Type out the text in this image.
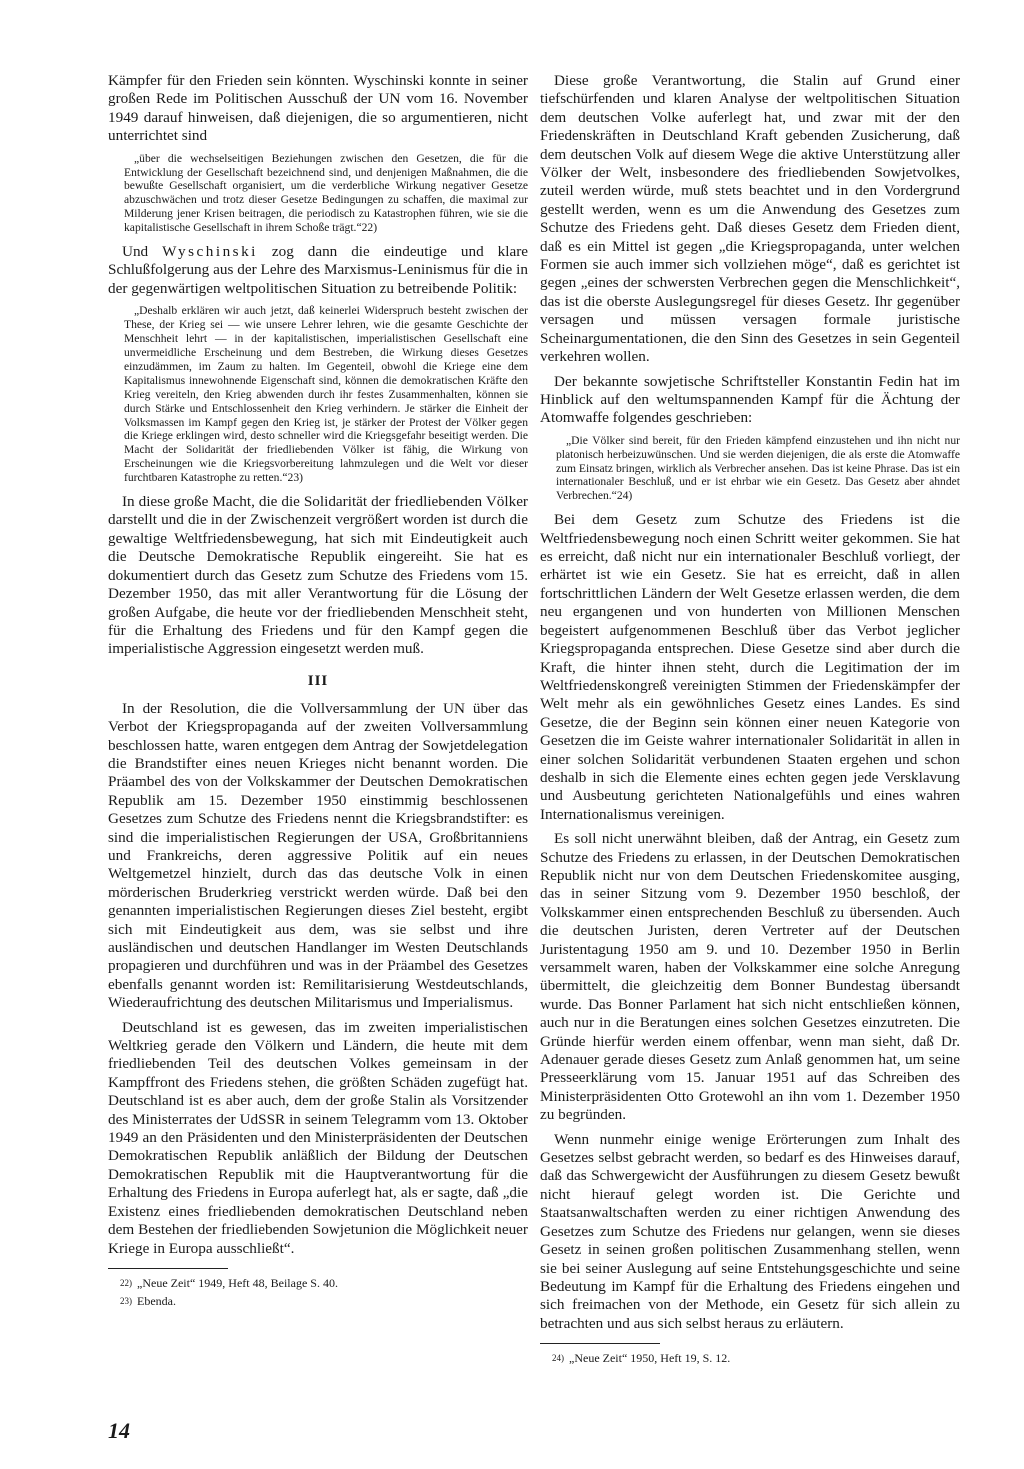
Kämpfer für den Frieden sein könnten. Wyschinski konnte in seiner großen Rede im Politischen Ausschuß der UN vom 16. November 1949 darauf hinweisen, daß diejenigen, die so argumentieren, nicht unterrichtet sind

„über die wechselseitigen Beziehungen zwischen den Gesetzen, die für die Entwicklung der Gesellschaft bezeichnend sind, und denjenigen Maßnahmen, die die bewußte Gesellschaft organisiert, um die verderbliche Wirkung negativer Gesetze abzuschwächen und trotz dieser Gesetze Bedingungen zu schaffen, die maximal zur Milderung jener Krisen beitragen, die periodisch zu Katastrophen führen, wie sie die kapitalistische Gesellschaft in ihrem Schoße trägt.“22)

Und Wyschinski zog dann die eindeutige und klare Schlußfolgerung aus der Lehre des Marxismus-Leninismus für die in der gegenwärtigen weltpolitischen Situation zu betreibende Politik:

„Deshalb erklären wir auch jetzt, daß keinerlei Widerspruch besteht zwischen der These, der Krieg sei — wie unsere Lehrer lehren, wie die gesamte Geschichte der Menschheit lehrt — in der kapitalistischen, imperialistischen Gesellschaft eine unvermeidliche Erscheinung und dem Bestreben, die Wirkung dieses Gesetzes einzudämmen, im Zaum zu halten. Im Gegenteil, obwohl die Kriege eine dem Kapitalismus innewohnende Eigenschaft sind, können die demokratischen Kräfte den Krieg vereiteln, den Krieg abwenden durch ihr festes Zusammenhalten, können sie durch Stärke und Entschlossenheit den Krieg verhindern. Je stärker die Einheit der Volksmassen im Kampf gegen den Krieg ist, je stärker der Protest der Völker gegen die Kriege erklingen wird, desto schneller wird die Kriegsgefahr beseitigt werden. Die Macht der Solidarität der friedliebenden Völker ist fähig, die Wirkung von Erscheinungen wie die Kriegsvorbereitung lahmzulegen und die Welt vor dieser furchtbaren Katastrophe zu retten.“23)

In diese große Macht, die die Solidarität der friedliebenden Völker darstellt und die in der Zwischenzeit vergrößert worden ist durch die gewaltige Weltfriedensbewegung, hat sich mit Eindeutigkeit auch die Deutsche Demokratische Republik eingereiht. Sie hat es dokumentiert durch das Gesetz zum Schutze des Friedens vom 15. Dezember 1950, das mit aller Verantwortung für die Lösung der großen Aufgabe, die heute vor der friedliebenden Menschheit steht, für die Erhaltung des Friedens und für den Kampf gegen die imperialistische Aggression eingesetzt werden muß.

III

In der Resolution, die die Vollversammlung der UN über das Verbot der Kriegspropaganda auf der zweiten Vollversammlung beschlossen hatte, waren entgegen dem Antrag der Sowjetdelegation die Brandstifter eines neuen Krieges nicht benannt worden. Die Präambel des von der Volkskammer der Deutschen Demokratischen Republik am 15. Dezember 1950 einstimmig beschlossenen Gesetzes zum Schutze des Friedens nennt die Kriegsbrandstifter: es sind die imperialistischen Regierungen der USA, Großbritanniens und Frankreichs, deren aggressive Politik auf ein neues Weltgemetzel hinzielt, durch das das deutsche Volk in einen mörderischen Bruderkrieg verstrickt werden würde. Daß bei den genannten imperialistischen Regierungen dieses Ziel besteht, ergibt sich mit Eindeutigkeit aus dem, was sie selbst und ihre ausländischen und deutschen Handlanger im Westen Deutschlands propagieren und durchführen und was in der Präambel des Gesetzes ebenfalls genannt worden ist: Remilitarisierung Westdeutschlands, Wiederaufrichtung des deutschen Militarismus und Imperialismus.

Deutschland ist es gewesen, das im zweiten imperialistischen Weltkrieg gerade den Völkern und Ländern, die heute mit dem friedliebenden Teil des deutschen Volkes gemeinsam in der Kampffront des Friedens stehen, die größten Schäden zugefügt hat. Deutschland ist es aber auch, dem der große Stalin als Vorsitzender des Ministerrates der UdSSR in seinem Telegramm vom 13. Oktober 1949 an den Präsidenten und den Ministerpräsidenten der Deutschen Demokratischen Republik anläßlich der Bildung der Deutschen Demokratischen Republik mit die Hauptverantwortung für die Erhaltung des Friedens in Europa auferlegt hat, als er sagte, daß „die Existenz eines friedliebenden demokratischen Deutschland neben dem Bestehen der friedliebenden Sowjetunion die Möglichkeit neuer Kriege in Europa ausschließt“.

$^{22)}$ „Neue Zeit“ 1949, Heft 48, Beilage S. 40.

$^{23)}$ Ebenda.

Diese große Verantwortung, die Stalin auf Grund einer tiefschürfenden und klaren Analyse der weltpolitischen Situation dem deutschen Volke auferlegt hat, und zwar mit der den Friedenskräften in Deutschland Kraft gebenden Zusicherung, daß dem deutschen Volk auf diesem Wege die aktive Unterstützung aller Völker der Welt, insbesondere des friedliebenden Sowjetvolkes, zuteil werden würde, muß stets beachtet und in den Vordergrund gestellt werden, wenn es um die Anwendung des Gesetzes zum Schutze des Friedens geht. Daß dieses Gesetz dem Frieden dient, daß es ein Mittel ist gegen „die Kriegspropaganda, unter welchen Formen sie auch immer sich vollziehen möge“, daß es gerichtet ist gegen „eines der schwersten Verbrechen gegen die Menschlichkeit“, das ist die oberste Auslegungsregel für dieses Gesetz. Ihr gegenüber versagen und müssen versagen formale juristische Scheinargumentationen, die den Sinn des Gesetzes in sein Gegenteil verkehren wollen.

Der bekannte sowjetische Schriftsteller Konstantin Fedin hat im Hinblick auf den weltumspannenden Kampf für die Ächtung der Atomwaffe folgendes geschrieben:

„Die Völker sind bereit, für den Frieden kämpfend einzustehen und ihn nicht nur platonisch herbeizuwünschen. Und sie werden diejenigen, die als erste die Atomwaffe zum Einsatz bringen, wirklich als Verbrecher ansehen. Das ist keine Phrase. Das ist ein internationaler Beschluß, und er ist ehrbar wie ein Gesetz. Das Gesetz aber ahndet Verbrechen.“24)

Bei dem Gesetz zum Schutze des Friedens ist die Weltfriedensbewegung noch einen Schritt weiter gekommen. Sie hat es erreicht, daß nicht nur ein internationaler Beschluß vorliegt, der erhärtet ist wie ein Gesetz. Sie hat es erreicht, daß in allen fortschrittlichen Ländern der Welt Gesetze erlassen werden, die dem neu ergangenen und von hunderten von Millionen Menschen begeistert aufgenommenen Beschluß über das Verbot jeglicher Kriegspropaganda entsprechen. Diese Gesetze sind aber durch die Kraft, die hinter ihnen steht, durch die Legitimation der im Weltfriedenskongreß vereinigten Stimmen der Friedenskämpfer der Welt mehr als ein gewöhnliches Gesetz eines Landes. Es sind Gesetze, die der Beginn sein können einer neuen Kategorie von Gesetzen die im Geiste wahrer internationaler Solidarität in allen in einer solchen Solidarität verbundenen Staaten ergehen und schon deshalb in sich die Elemente eines echten gegen jede Versklavung und Ausbeutung gerichteten Nationalgefühls und eines wahren Internationalismus vereinigen.

Es soll nicht unerwähnt bleiben, daß der Antrag, ein Gesetz zum Schutze des Friedens zu erlassen, in der Deutschen Demokratischen Republik nicht nur von dem Deutschen Friedenskomitee ausging, das in seiner Sitzung vom 9. Dezember 1950 beschloß, der Volkskammer einen entsprechenden Beschluß zu übersenden. Auch die deutschen Juristen, deren Vertreter auf der Deutschen Juristentagung 1950 am 9. und 10. Dezember 1950 in Berlin versammelt waren, haben der Volkskammer eine solche Anregung übermittelt, die gleichzeitig dem Bonner Bundestag übersandt wurde. Das Bonner Parlament hat sich nicht entschließen können, auch nur in die Beratungen eines solchen Gesetzes einzutreten. Die Gründe hierfür werden einem offenbar, wenn man sieht, daß Dr. Adenauer gerade dieses Gesetz zum Anlaß genommen hat, um seine Presseerklärung vom 15. Januar 1951 auf das Schreiben des Ministerpräsidenten Otto Grotewohl an ihn vom 1. Dezember 1950 zu begründen.

Wenn nunmehr einige wenige Erörterungen zum Inhalt des Gesetzes selbst gebracht werden, so bedarf es des Hinweises darauf, daß das Schwergewicht der Ausführungen zu diesem Gesetz bewußt nicht hierauf gelegt worden ist. Die Gerichte und Staatsanwaltschaften werden zu einer richtigen Anwendung des Gesetzes zum Schutze des Friedens nur gelangen, wenn sie dieses Gesetz in seinen großen politischen Zusammenhang stellen, wenn sie bei seiner Auslegung auf seine Entstehungsgeschichte und seine Bedeutung im Kampf für die Erhaltung des Friedens eingehen und sich freimachen von der Methode, ein Gesetz für sich allein zu betrachten und aus sich selbst heraus zu erläutern.

$^{24)}$ „Neue Zeit“ 1950, Heft 19, S. 12.

14
